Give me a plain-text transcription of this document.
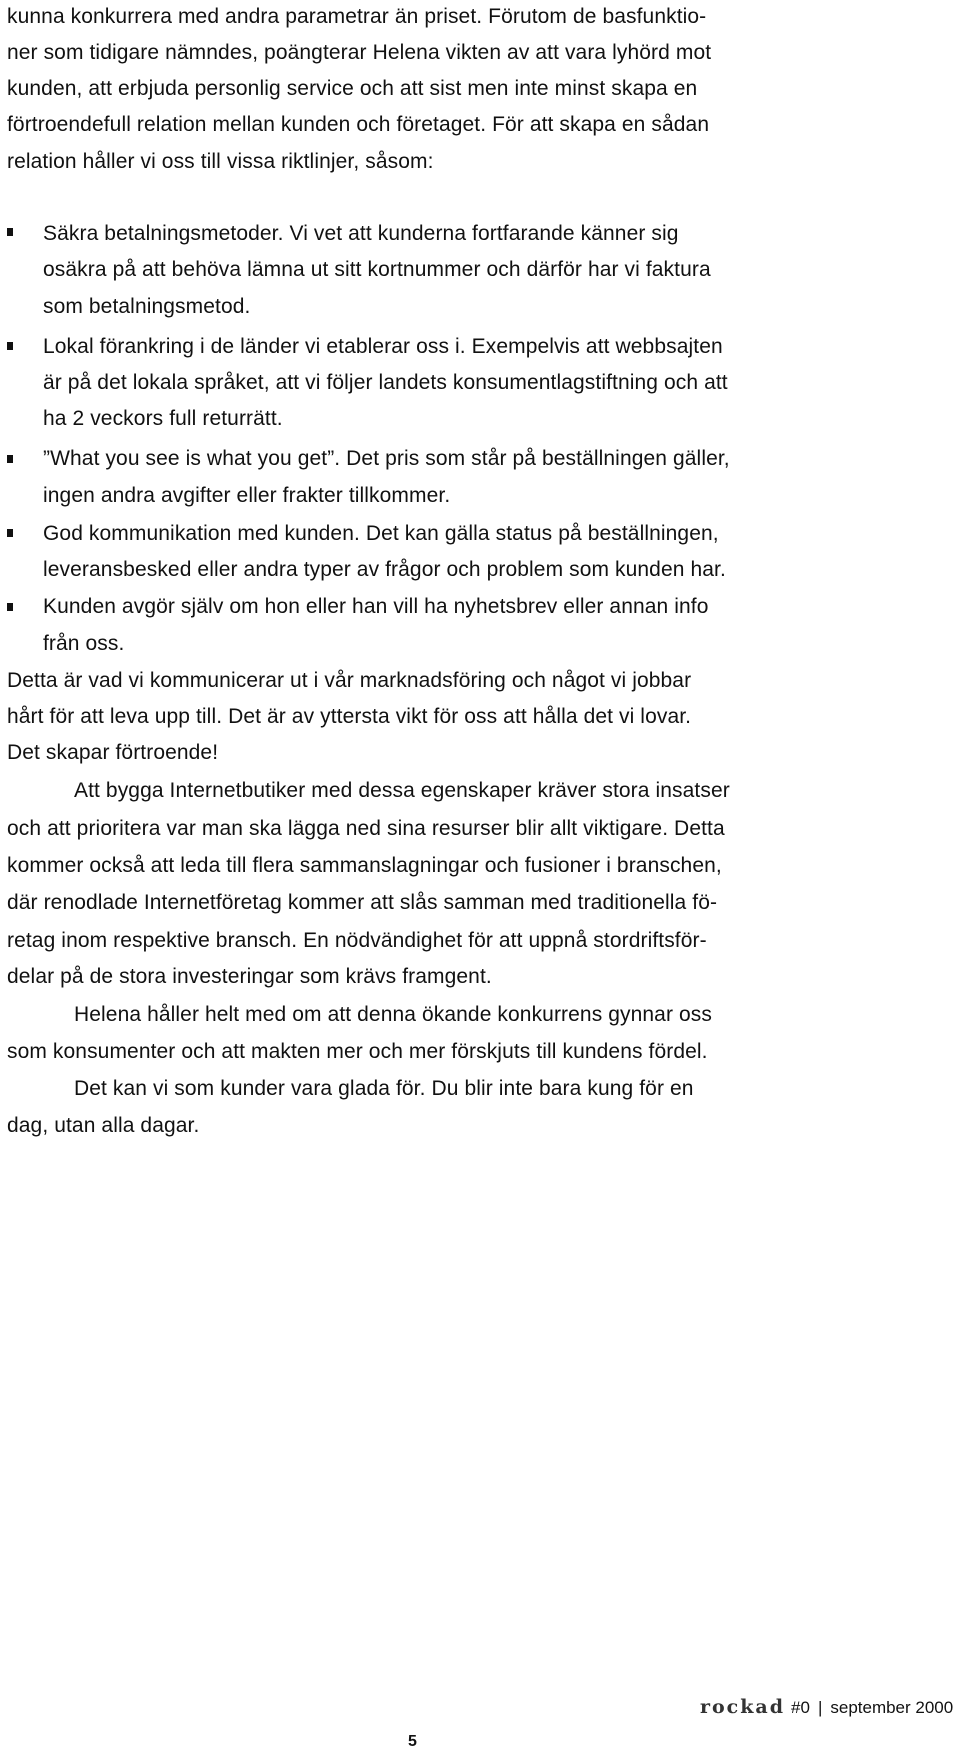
kunna konkurrera med andra parametrar än priset. Förutom de basfunktio-
ner som tidigare nämndes, poängterar Helena vikten av att vara lyhörd mot
kunden, att erbjuda personlig service och att sist men inte minst skapa en
förtroendefull relation mellan kunden och företaget. För att skapa en sådan
relation håller vi oss till vissa riktlinjer, såsom:
Säkra betalningsmetoder. Vi vet att kunderna fortfarande känner sig
osäkra på att behöva lämna ut sitt kortnummer och därför har vi faktura
som betalningsmetod.
Lokal förankring i de länder vi etablerar oss i. Exempelvis att webbsajten
är på det lokala språket, att vi följer landets konsumentlagstiftning och att
ha 2 veckors full returrätt.
”What you see is what you get”. Det pris som står på beställningen gäller,
ingen andra avgifter eller frakter tillkommer.
God kommunikation med kunden. Det kan gälla status på beställningen,
leveransbesked eller andra typer av frågor och problem som kunden har.
Kunden avgör själv om hon eller han vill ha nyhetsbrev eller annan info
från oss.
Detta är vad vi kommunicerar ut i vår marknadsföring och något vi jobbar
hårt för att leva upp till. Det är av yttersta vikt för oss att hålla det vi lovar.
Det skapar förtroende!
Att bygga Internetbutiker med dessa egenskaper kräver stora insatser
och att prioritera var man ska lägga ned sina resurser blir allt viktigare. Detta
kommer också att leda till flera sammanslagningar och fusioner i branschen,
där renodlade Internetföretag kommer att slås samman med traditionella fö-
retag inom respektive bransch. En nödvändighet för att uppnå stordriftsför-
delar på de stora investeringar som krävs framgent.
Helena håller helt med om att denna ökande konkurrens gynnar oss
som konsumenter och att makten mer och mer förskjuts till kundens fördel.
Det kan vi som kunder vara glada för. Du blir inte bara kung för en
dag, utan alla dagar.
rockad #0 | september 2000
5
